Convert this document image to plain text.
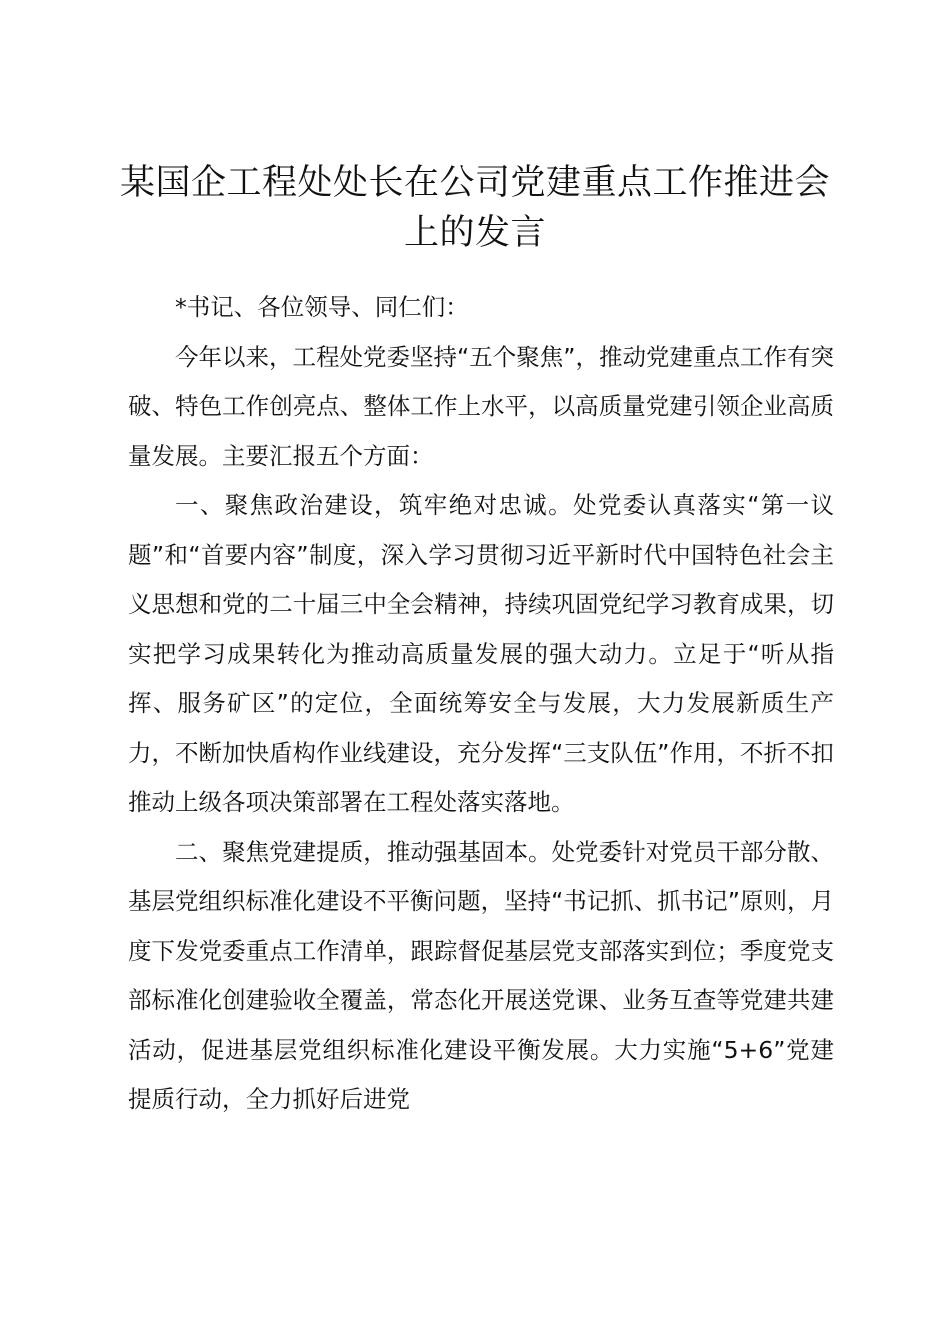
某国企工程处处长在公司党建重点工作推进会上的发言

*书记、各位领导、同仁们：

今年以来，工程处党委坚持“五个聚焦”，推动党建重点工作有突破、特色工作创亮点、整体工作上水平，以高质量党建引领企业高质量发展。主要汇报五个方面：

一、聚焦政治建设，筑牢绝对忠诚。处党委认真落实“第一议题”和“首要内容”制度，深入学习贯彻习近平新时代中国特色社会主义思想和党的二十届三中全会精神，持续巩固党纪学习教育成果，切实把学习成果转化为推动高质量发展的强大动力。立足于“听从指挥、服务矿区”的定位，全面统筹安全与发展，大力发展新质生产力，不断加快盾构作业线建设，充分发挥“三支队伍”作用，不折不扣推动上级各项决策部署在工程处落实落地。

二、聚焦党建提质，推动强基固本。处党委针对党员干部分散、基层党组织标准化建设不平衡问题，坚持“书记抓、抓书记”原则，月度下发党委重点工作清单，跟踪督促基层党支部落实到位；季度党支部标准化创建验收全覆盖，常态化开展送党课、业务互查等党建共建活动，促进基层党组织标准化建设平衡发展。大力实施“5+6”党建提质行动，全力抓好后进党
